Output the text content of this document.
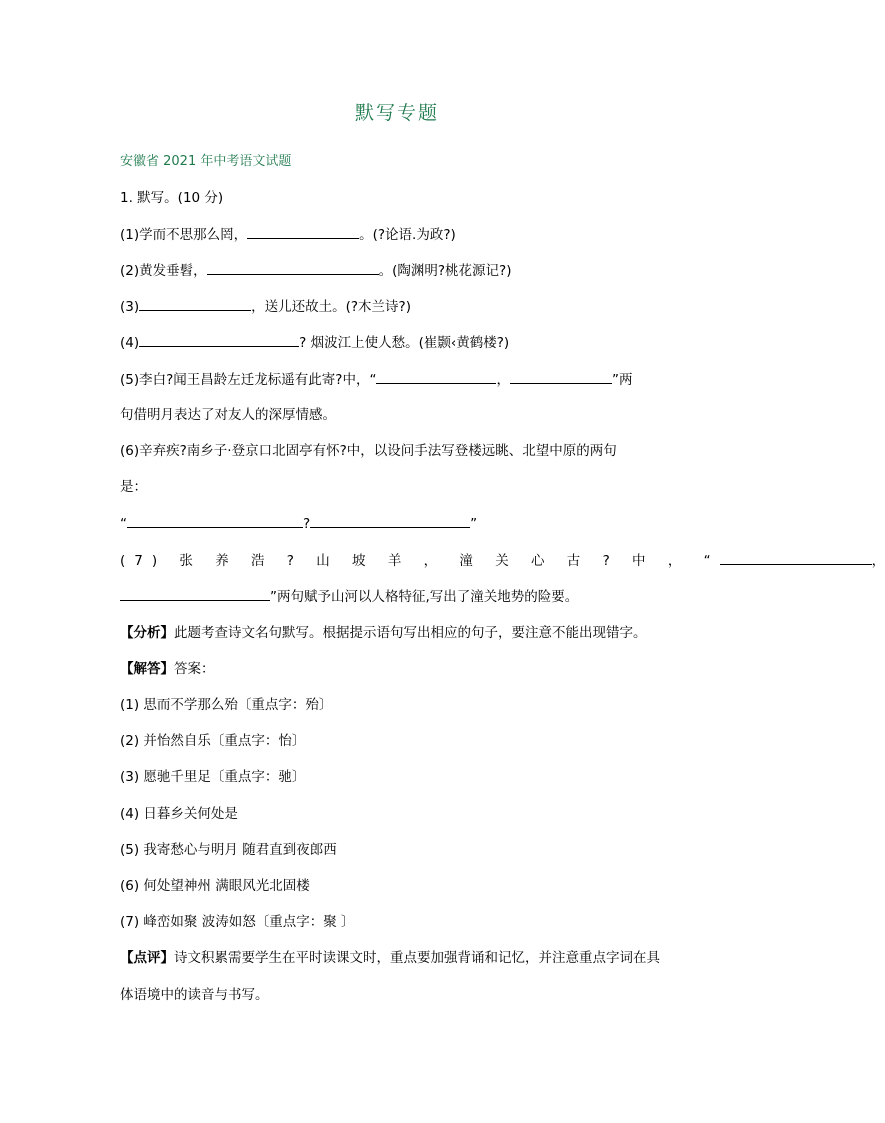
默写专题
安徽省 2021 年中考语文试题
1. 默写。(10 分)
(1)学而不思那么罔，	。(?论语.为政?)
(2)黄发垂髫，	。(陶渊明?桃花源记?)
(3)	，送儿还故土。(?木兰诗?)
(4)	? 烟波江上使人愁。(崔颢‹黄鹤楼?)
(5)李白?闻王昌龄左迁龙标遥有此寄?中，“	，	”两
句借明月表达了对友人的深厚情感。
(6)辛弃疾?南乡子·登京口北固亭有怀?中，以设问手法写登楼远眺、北望中原的两句
是：
“	?	”
(7) 张 养 浩 ? 山 坡 羊 ， 潼 关 心 古 ? 中 ， “	，
”两句赋予山河以人格特征,写出了潼关地势的险要。
【分析】此题考查诗文名句默写。根据提示语句写出相应的句子，要注意不能出现错字。
【解答】答案：
(1) 思而不学那么殆〔重点字：殆〕
(2) 并怡然自乐〔重点字：怡〕
(3) 愿驰千里足〔重点字：驰〕
(4) 日暮乡关何处是
(5) 我寄愁心与明月 随君直到夜郎西
(6) 何处望神州 满眼风光北固楼
(7) 峰峦如聚 波涛如怒〔重点字：聚 〕
【点评】诗文积累需要学生在平时读课文时，重点要加强背诵和记忆，并注意重点字词在具
体语境中的读音与书写。
